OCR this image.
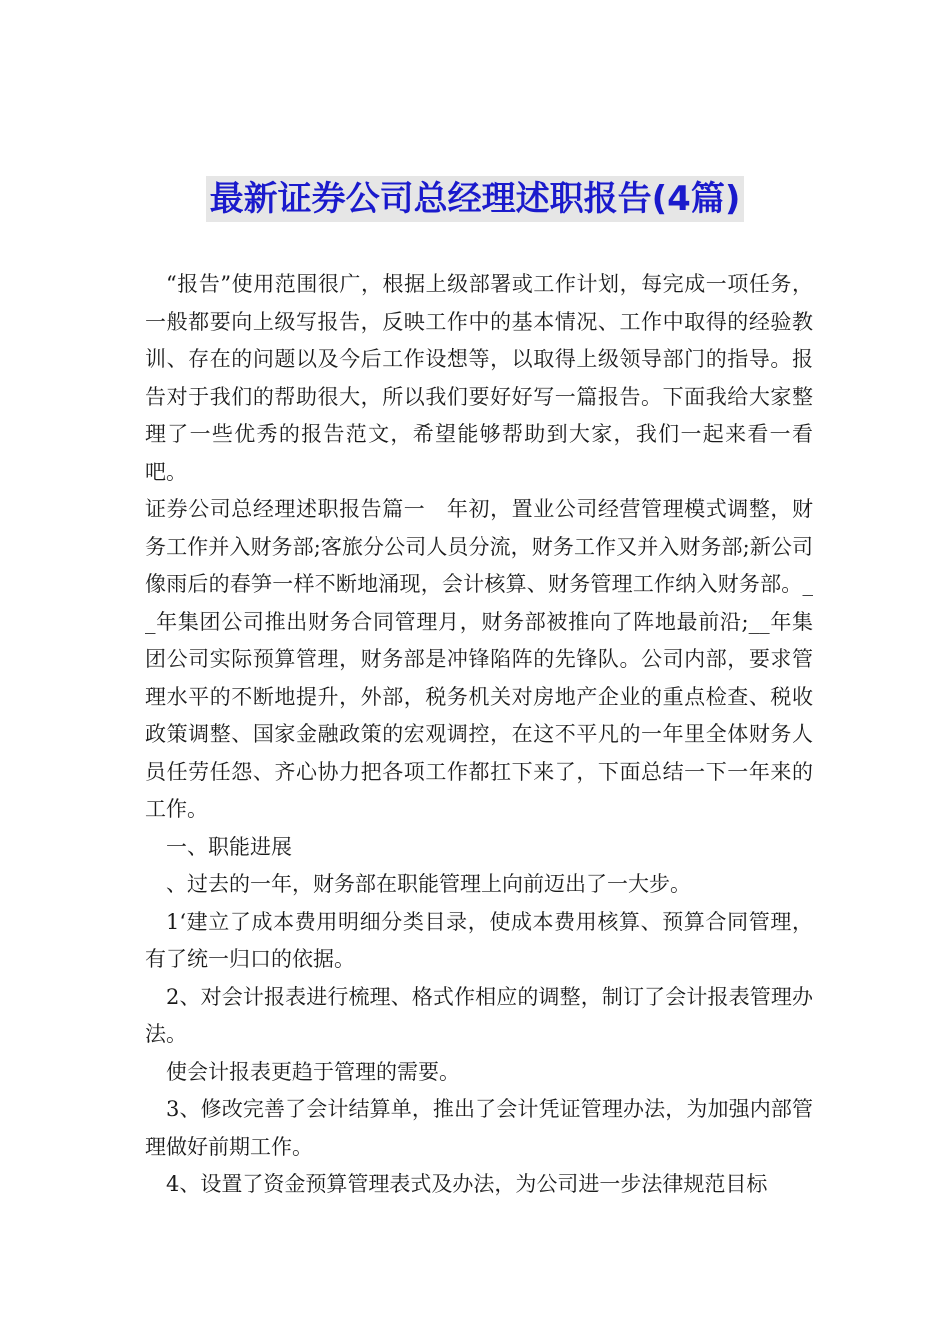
最新证券公司总经理述职报告(4篇)

“报告”使用范围很广，根据上级部署或工作计划，每完成一项任务，一般都要向上级写报告，反映工作中的基本情况、工作中取得的经验教训、存在的问题以及今后工作设想等，以取得上级领导部门的指导。报告对于我们的帮助很大，所以我们要好好写一篇报告。下面我给大家整理了一些优秀的报告范文，希望能够帮助到大家，我们一起来看一看吧。

证券公司总经理述职报告篇一　年初，置业公司经营管理模式调整，财务工作并入财务部;客旅分公司人员分流，财务工作又并入财务部;新公司像雨后的春笋一样不断地涌现，会计核算、财务管理工作纳入财务部。__年集团公司推出财务合同管理月，财务部被推向了阵地最前沿;__年集团公司实际预算管理，财务部是冲锋陷阵的先锋队。公司内部，要求管理水平的不断地提升，外部，税务机关对房地产企业的重点检查、税收政策调整、国家金融政策的宏观调控，在这不平凡的一年里全体财务人员任劳任怨、齐心协力把各项工作都扛下来了，下面总结一下一年来的工作。

一、职能进展

、过去的一年，财务部在职能管理上向前迈出了一大步。

1‘建立了成本费用明细分类目录，使成本费用核算、预算合同管理，有了统一归口的依据。

2、对会计报表进行梳理、格式作相应的调整，制订了会计报表管理办法。

使会计报表更趋于管理的需要。

3、修改完善了会计结算单，推出了会计凭证管理办法，为加强内部管理做好前期工作。

4、设置了资金预算管理表式及办法，为公司进一步法律规范目标
